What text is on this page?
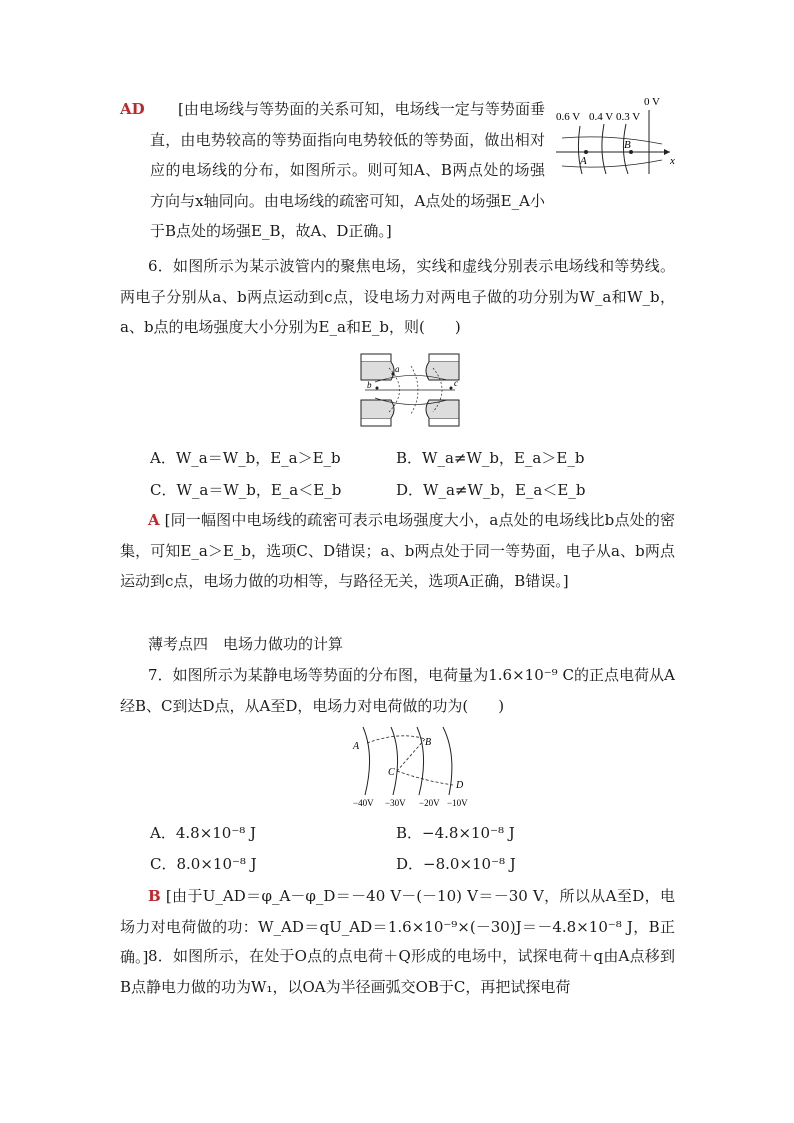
AD	[由电场线与等势面的关系可知，电场线一定与等势面垂直，由电势较高的等势面指向电势较低的等势面，做出相对应的电场线的分布，如图所示。则可知A、B两点处的场强方向与x轴同向。由电场线的疏密可知，A点处的场强E_A小于B点处的场强E_B，故A、D正确。]

0 V
0.6 V 0.4 V 0.3 V
A
B
x

6．如图所示为某示波管内的聚焦电场，实线和虚线分别表示电场线和等势线。两电子分别从a、b两点运动到c点，设电场力对两电子做的功分别为W_a和W_b，a、b点的电场强度大小分别为E_a和E_b，则(　　)

a
b	c
A．W_a＝W_b，E_a＞E_b	B．W_a≠W_b，E_a＞E_b
C．W_a＝W_b，E_a＜E_b	D．W_a≠W_b，E_a＜E_b

A [同一幅图中电场线的疏密可表示电场强度大小，a点处的电场线比b点处的密集，可知E_a＞E_b，选项C、D错误；a、b两点处于同一等势面，电子从a、b两点运动到c点，电场力做的功相等，与路径无关，选项A正确，B错误。]

薄考点四　电场力做功的计算

7．如图所示为某静电场等势面的分布图，电荷量为1.6×10⁻⁹ C的正点电荷从A经B、C到达D点，从A至D，电场力对电荷做的功为(　　)

A	B
C
D
−40V −30V −20V −10V
A．4.8×10⁻⁸ J	B．−4.8×10⁻⁸ J
C．8.0×10⁻⁸ J	D．−8.0×10⁻⁸ J

B [由于U_AD＝φ_A－φ_D＝－40 V－(－10) V＝－30 V，所以从A至D，电场力对电荷做的功：W_AD＝qU_AD＝1.6×10⁻⁹×(－30)J＝－4.8×10⁻⁸ J，B正确。] 8．如图所示，在处于O点的点电荷＋Q形成的电场中，试探电荷＋q由A点移到B点静电力做的功为W₁，以OA为半径画弧交OB于C，再把试探电荷
